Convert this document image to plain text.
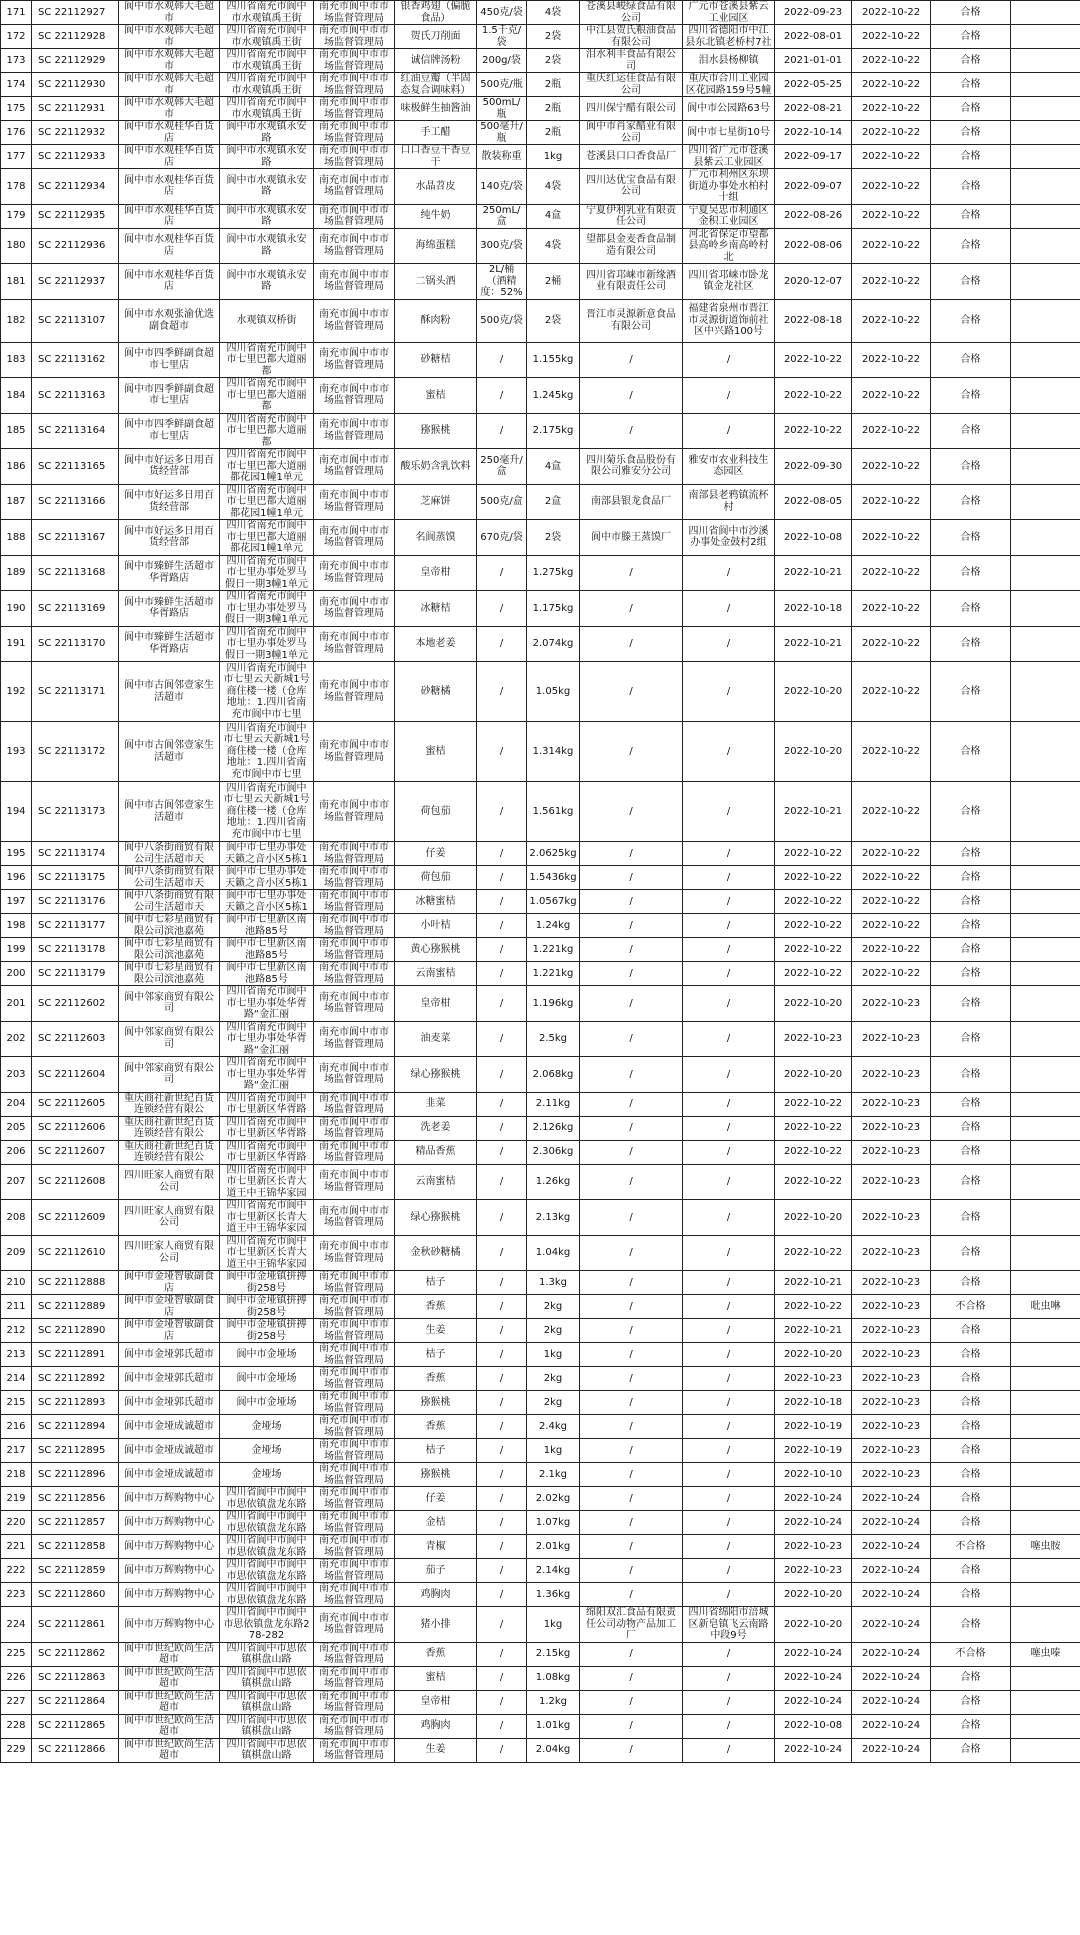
171	SC 22112927	阆中市水观韩大毛超市	四川省南充市阆中市水观镇禹王街	南充市阆中市市场监督管理局	银香鸡翅（偏脆食品）	450克/袋	4袋	苍溪县峻绿食品有限公司	广元市苍溪县紫云工业园区	2022-09-23	2022-10-22	合格	
172	SC 22112928	阆中市水观韩大毛超市	四川省南充市阆中市水观镇禹王街	南充市阆中市市场监督管理局	贺氏刀削面	1.5千克/袋	2袋	中江县贺氏粮油食品有限公司	四川省德阳市中江县东北镇老桥村7社	2022-08-01	2022-10-22	合格	
173	SC 22112929	阆中市水观韩大毛超市	四川省南充市阆中市水观镇禹王街	南充市阆中市市场监督管理局	诚信牌汤粉	200g/袋	2袋	泪水利丰食品有限公司	泪水县杨柳镇	2021-01-01	2022-10-22	合格	
174	SC 22112930	阆中市水观韩大毛超市	四川省南充市阆中市水观镇禹王街	南充市阆中市市场监督管理局	红油豆瓣（半固态复合调味料）	500克/瓶	2瓶	重庆红运佳食品有限公司	重庆市合川工业园区花园路159号5幢	2022-05-25	2022-10-22	合格	
175	SC 22112931	阆中市水观韩大毛超市	四川省南充市阆中市水观镇禹王街	南充市阆中市市场监督管理局	味极鲜生抽酱油	500mL/瓶	2瓶	四川保宁醋有限公司	阆中市公园路63号	2022-08-21	2022-10-22	合格	
176	SC 22112932	阆中市水观桂华百货店	阆中市水观镇永安路	南充市阆中市市场监督管理局	手工醋	500毫升/瓶	2瓶	阆中市肖家醋业有限公司	阆中市七星街10号	2022-10-14	2022-10-22	合格	
177	SC 22112933	阆中市水观桂华百货店	阆中市水观镇永安路	南充市阆中市市场监督管理局	口口香豆干香豆干	散装称重	1kg	苍溪县口口香食品厂	四川省广元市苍溪县紫云工业园区	2022-09-17	2022-10-22	合格	
178	SC 22112934	阆中市水观桂华百货店	阆中市水观镇永安路	南充市阆中市市场监督管理局	水晶苕皮	140克/袋	4袋	四川达优宝食品有限公司	广元市利州区东坝街道办事处水柏村十组	2022-09-07	2022-10-22	合格	
179	SC 22112935	阆中市水观桂华百货店	阆中市水观镇永安路	南充市阆中市市场监督管理局	纯牛奶	250mL/盒	4盒	宁夏伊利乳业有限责任公司	宁夏吴忠市利通区金积工业园区	2022-08-26	2022-10-22	合格	
180	SC 22112936	阆中市水观桂华百货店	阆中市水观镇永安路	南充市阆中市市场监督管理局	海绵蛋糕	300克/袋	4袋	望都县金麦香食品制造有限公司	河北省保定市望都县高岭乡南高岭村北	2022-08-06	2022-10-22	合格	
181	SC 22112937	阆中市水观桂华百货店	阆中市水观镇永安路	南充市阆中市市场监督管理局	二锅头酒	2L/桶（酒精度：52%	2桶	四川省邛崃市新缘酒业有限责任公司	四川省邛崃市卧龙镇金龙社区	2020-12-07	2022-10-22	合格	
182	SC 22113107	阆中市水观张渝优选副食超市	水观镇双桥街	南充市阆中市市场监督管理局	酥肉粉	500克/袋	2袋	晋江市灵源新意食品有限公司	福建省泉州市晋江市灵源街道饰前社区中兴路100号	2022-08-18	2022-10-22	合格	
183	SC 22113162	阆中市四季鲜副食超市七里店	四川省南充市阆中市七里巴都大道丽都	南充市阆中市市场监督管理局	砂糖桔	/	1.155kg	/	/	2022-10-22	2022-10-22	合格	
184	SC 22113163	阆中市四季鲜副食超市七里店	四川省南充市阆中市七里巴都大道丽都	南充市阆中市市场监督管理局	蜜桔	/	1.245kg	/	/	2022-10-22	2022-10-22	合格	
185	SC 22113164	阆中市四季鲜副食超市七里店	四川省南充市阆中市七里巴都大道丽都	南充市阆中市市场监督管理局	猕猴桃	/	2.175kg	/	/	2022-10-22	2022-10-22	合格	
186	SC 22113165	阆中市好运多日用百货经营部	四川省南充市阆中市七里巴都大道丽都花园1幢1单元	南充市阆中市市场监督管理局	酸乐奶含乳饮料	250毫升/盒	4盒	四川菊乐食品股份有限公司雅安分公司	雅安市农业科技生态园区	2022-09-30	2022-10-22	合格	
187	SC 22113166	阆中市好运多日用百货经营部	四川省南充市阆中市七里巴都大道丽都花园1幢1单元	南充市阆中市市场监督管理局	芝麻饼	500克/盒	2盒	南部县银龙食品厂	南部县老鸦镇流杯村	2022-08-05	2022-10-22	合格	
188	SC 22113167	阆中市好运多日用百货经营部	四川省南充市阆中市七里巴都大道丽都花园1幢1单元	南充市阆中市市场监督管理局	名阆蒸馍	670克/袋	2袋	阆中市滕王蒸馍厂	四川省阆中市沙溪办事处金鼓村2组	2022-10-08	2022-10-22	合格	
189	SC 22113168	阆中市臻鲜生活超市华胥路店	四川省南充市阆中市七里办事处罗马假日一期3幢1单元	南充市阆中市市场监督管理局	皇帝柑	/	1.275kg	/	/	2022-10-21	2022-10-22	合格	
190	SC 22113169	阆中市臻鲜生活超市华胥路店	四川省南充市阆中市七里办事处罗马假日一期3幢1单元	南充市阆中市市场监督管理局	冰糖桔	/	1.175kg	/	/	2022-10-18	2022-10-22	合格	
191	SC 22113170	阆中市臻鲜生活超市华胥路店	四川省南充市阆中市七里办事处罗马假日一期3幢1单元	南充市阆中市市场监督管理局	本地老姜	/	2.074kg	/	/	2022-10-21	2022-10-22	合格	
192	SC 22113171	阆中市古阆邻壹家生活超市	四川省南充市阆中市七里云天新城1号商住楼一楼（仓库地址：1.四川省南充市阆中市七里	南充市阆中市市场监督管理局	砂糖橘	/	1.05kg	/	/	2022-10-20	2022-10-22	合格	
193	SC 22113172	阆中市古阆邻壹家生活超市	四川省南充市阆中市七里云天新城1号商住楼一楼（仓库地址：1.四川省南充市阆中市七里	南充市阆中市市场监督管理局	蜜桔	/	1.314kg	/	/	2022-10-20	2022-10-22	合格	
194	SC 22113173	阆中市古阆邻壹家生活超市	四川省南充市阆中市七里云天新城1号商住楼一楼（仓库地址：1.四川省南充市阆中市七里	南充市阆中市市场监督管理局	荷包茄	/	1.561kg	/	/	2022-10-21	2022-10-22	合格	
195	SC 22113174	阆中八条街商贸有限公司生活超市天	阆中市七里办事处天籁之音小区5栋1	南充市阆中市市场监督管理局	仔姜	/	2.0625kg	/	/	2022-10-22	2022-10-22	合格	
196	SC 22113175	阆中八条街商贸有限公司生活超市天	阆中市七里办事处天籁之音小区5栋1	南充市阆中市市场监督管理局	荷包茄	/	1.5436kg	/	/	2022-10-22	2022-10-22	合格	
197	SC 22113176	阆中八条街商贸有限公司生活超市天	阆中市七里办事处天籁之音小区5栋1	南充市阆中市市场监督管理局	冰糖蜜桔	/	1.0567kg	/	/	2022-10-22	2022-10-22	合格	
198	SC 22113177	阆中市七彩星商贸有限公司滨池嘉苑	阆中市七里新区南池路85号	南充市阆中市市场监督管理局	小叶桔	/	1.24kg	/	/	2022-10-22	2022-10-22	合格	
199	SC 22113178	阆中市七彩星商贸有限公司滨池嘉苑	阆中市七里新区南池路85号	南充市阆中市市场监督管理局	黄心猕猴桃	/	1.221kg	/	/	2022-10-22	2022-10-22	合格	
200	SC 22113179	阆中市七彩星商贸有限公司滨池嘉苑	阆中市七里新区南池路85号	南充市阆中市市场监督管理局	云南蜜桔	/	1.221kg	/	/	2022-10-22	2022-10-22	合格	
201	SC 22112602	阆中邻家商贸有限公司	四川省南充市阆中市七里办事处华胥路“金汇丽	南充市阆中市市场监督管理局	皇帝柑	/	1.196kg	/	/	2022-10-20	2022-10-23	合格	
202	SC 22112603	阆中邻家商贸有限公司	四川省南充市阆中市七里办事处华胥路“金汇丽	南充市阆中市市场监督管理局	油麦菜	/	2.5kg	/	/	2022-10-23	2022-10-23	合格	
203	SC 22112604	阆中邻家商贸有限公司	四川省南充市阆中市七里办事处华胥路“金汇丽	南充市阆中市市场监督管理局	绿心猕猴桃	/	2.068kg	/	/	2022-10-20	2022-10-23	合格	
204	SC 22112605	重庆商社新世纪百货连锁经营有限公	四川省南充市阆中市七里新区华胥路	南充市阆中市市场监督管理局	韭菜	/	2.11kg	/	/	2022-10-22	2022-10-23	合格	
205	SC 22112606	重庆商社新世纪百货连锁经营有限公	四川省南充市阆中市七里新区华胥路	南充市阆中市市场监督管理局	洗老姜	/	2.126kg	/	/	2022-10-22	2022-10-23	合格	
206	SC 22112607	重庆商社新世纪百货连锁经营有限公	四川省南充市阆中市七里新区华胥路	南充市阆中市市场监督管理局	精品香蕉	/	2.306kg	/	/	2022-10-22	2022-10-23	合格	
207	SC 22112608	四川旺家人商贸有限公司	四川省南充市阆中市七里新区长青大道王中王锦华家园	南充市阆中市市场监督管理局	云南蜜桔	/	1.26kg	/	/	2022-10-22	2022-10-23	合格	
208	SC 22112609	四川旺家人商贸有限公司	四川省南充市阆中市七里新区长青大道王中王锦华家园	南充市阆中市市场监督管理局	绿心猕猴桃	/	2.13kg	/	/	2022-10-20	2022-10-23	合格	
209	SC 22112610	四川旺家人商贸有限公司	四川省南充市阆中市七里新区长青大道王中王锦华家园	南充市阆中市市场监督管理局	金秋砂糖橘	/	1.04kg	/	/	2022-10-22	2022-10-23	合格	
210	SC 22112888	阆中市金垭智敏副食店	阆中市金垭镇拼搏街258号	南充市阆中市市场监督管理局	桔子	/	1.3kg	/	/	2022-10-21	2022-10-23	合格	
211	SC 22112889	阆中市金垭智敏副食店	阆中市金垭镇拼搏街258号	南充市阆中市市场监督管理局	香蕉	/	2kg	/	/	2022-10-22	2022-10-23	不合格	吡虫啉
212	SC 22112890	阆中市金垭智敏副食店	阆中市金垭镇拼搏街258号	南充市阆中市市场监督管理局	生姜	/	2kg	/	/	2022-10-21	2022-10-23	合格	
213	SC 22112891	阆中市金垭郭氏超市	阆中市金垭场	南充市阆中市市场监督管理局	桔子	/	1kg	/	/	2022-10-20	2022-10-23	合格	
214	SC 22112892	阆中市金垭郭氏超市	阆中市金垭场	南充市阆中市市场监督管理局	香蕉	/	2kg	/	/	2022-10-23	2022-10-23	合格	
215	SC 22112893	阆中市金垭郭氏超市	阆中市金垭场	南充市阆中市市场监督管理局	猕猴桃	/	2kg	/	/	2022-10-18	2022-10-23	合格	
216	SC 22112894	阆中市金垭成诚超市	金垭场	南充市阆中市市场监督管理局	香蕉	/	2.4kg	/	/	2022-10-19	2022-10-23	合格	
217	SC 22112895	阆中市金垭成诚超市	金垭场	南充市阆中市市场监督管理局	桔子	/	1kg	/	/	2022-10-19	2022-10-23	合格	
218	SC 22112896	阆中市金垭成诚超市	金垭场	南充市阆中市市场监督管理局	猕猴桃	/	2.1kg	/	/	2022-10-10	2022-10-23	合格	
219	SC 22112856	阆中市万辉购物中心	四川省阆中市阆中市思依镇盘龙东路	南充市阆中市市场监督管理局	仔姜	/	2.02kg	/	/	2022-10-24	2022-10-24	合格	
220	SC 22112857	阆中市万辉购物中心	四川省阆中市阆中市思依镇盘龙东路	南充市阆中市市场监督管理局	金桔	/	1.07kg	/	/	2022-10-24	2022-10-24	合格	
221	SC 22112858	阆中市万辉购物中心	四川省阆中市阆中市思依镇盘龙东路	南充市阆中市市场监督管理局	青椒	/	2.01kg	/	/	2022-10-23	2022-10-24	不合格	噻虫胺
222	SC 22112859	阆中市万辉购物中心	四川省阆中市阆中市思依镇盘龙东路	南充市阆中市市场监督管理局	茄子	/	2.14kg	/	/	2022-10-23	2022-10-24	合格	
223	SC 22112860	阆中市万辉购物中心	四川省阆中市阆中市思依镇盘龙东路	南充市阆中市市场监督管理局	鸡胸肉	/	1.36kg	/	/	2022-10-20	2022-10-24	合格	
224	SC 22112861	阆中市万辉购物中心	四川省阆中市阆中市思依镇盘龙东路278-282	南充市阆中市市场监督管理局	猪小排	/	1kg	绵阳双汇食品有限责任公司动物产品加工厂	四川省绵阳市涪城区新皂镇飞云南路中段9号	2022-10-20	2022-10-24	合格	
225	SC 22112862	阆中市世纪欧尚生活超市	四川省阆中市思依镇棋盘山路	南充市阆中市市场监督管理局	香蕉	/	2.15kg	/	/	2022-10-24	2022-10-24	不合格	噻虫嗪
226	SC 22112863	阆中市世纪欧尚生活超市	四川省阆中市思依镇棋盘山路	南充市阆中市市场监督管理局	蜜桔	/	1.08kg	/	/	2022-10-24	2022-10-24	合格	
227	SC 22112864	阆中市世纪欧尚生活超市	四川省阆中市思依镇棋盘山路	南充市阆中市市场监督管理局	皇帝柑	/	1.2kg	/	/	2022-10-24	2022-10-24	合格	
228	SC 22112865	阆中市世纪欧尚生活超市	四川省阆中市思依镇棋盘山路	南充市阆中市市场监督管理局	鸡胸肉	/	1.01kg	/	/	2022-10-08	2022-10-24	合格	
229	SC 22112866	阆中市世纪欧尚生活超市	四川省阆中市思依镇棋盘山路	南充市阆中市市场监督管理局	生姜	/	2.04kg	/	/	2022-10-24	2022-10-24	合格	
